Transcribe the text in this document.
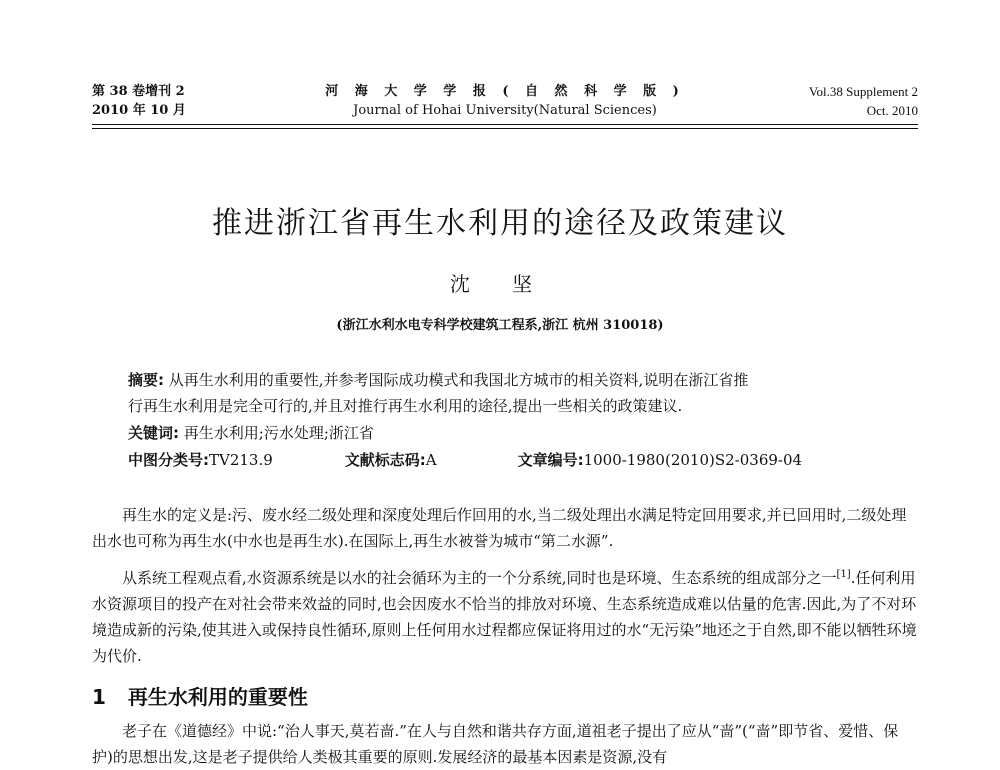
第 38 卷增刊 2
2010 年 10 月
河 海 大 学 学 报 ( 自 然 科 学 版 )
Journal of Hohai University(Natural Sciences)
Vol.38 Supplement 2
Oct. 2010
推进浙江省再生水利用的途径及政策建议
沈 坚
(浙江水利水电专科学校建筑工程系,浙江 杭州 310018)
摘要: 从再生水利用的重要性,并参考国际成功模式和我国北方城市的相关资料,说明在浙江省推
行再生水利用是完全可行的,并且对推行再生水利用的途径,提出一些相关的政策建议.
关键词: 再生水利用;污水处理;浙江省
中图分类号:TV213.9	文献标志码:A	文章编号:1000-1980(2010)S2-0369-04
再生水的定义是:污、废水经二级处理和深度处理后作回用的水,当二级处理出水满足特定回用要求,并已回用时,二级处理出水也可称为再生水(中水也是再生水).在国际上,再生水被誉为城市“第二水源”.
从系统工程观点看,水资源系统是以水的社会循环为主的一个分系统,同时也是环境、生态系统的组成部分之一[1].任何利用水资源项目的投产在对社会带来效益的同时,也会因废水不恰当的排放对环境、生态系统造成难以估量的危害.因此,为了不对环境造成新的污染,使其进入或保持良性循环,原则上任何用水过程都应保证将用过的水“无污染”地还之于自然,即不能以牺牲环境为代价.
1 再生水利用的重要性
老子在《道德经》中说:“治人事天,莫若啬.”在人与自然和谐共存方面,道祖老子提出了应从“啬”(“啬”即节省、爱惜、保护)的思想出发,这是老子提供给人类极其重要的原则.发展经济的最基本因素是资源,没有
